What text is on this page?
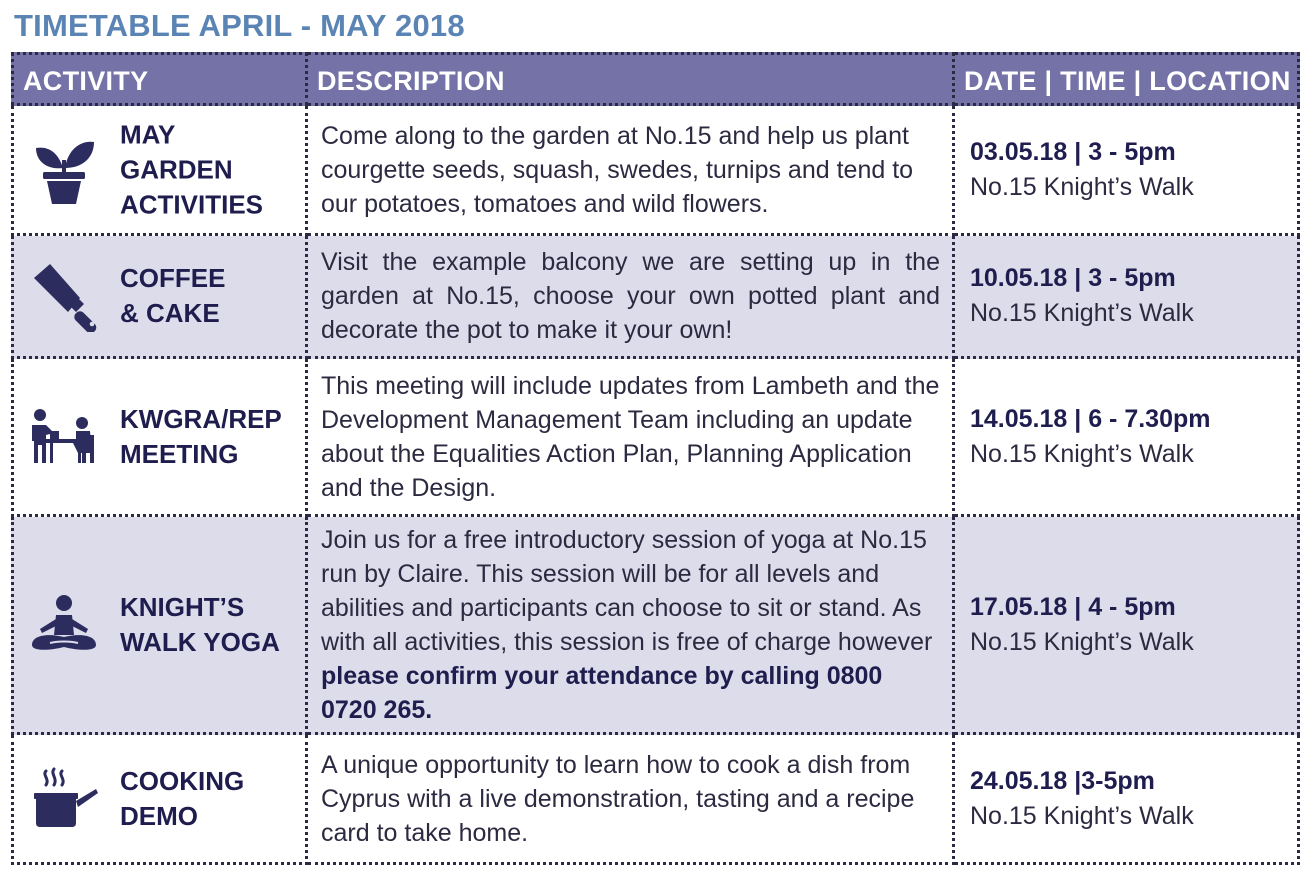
TIMETABLE APRIL - MAY 2018
ACTIVITY	DESCRIPTION	DATE | TIME | LOCATION
MAY
GARDEN
ACTIVITIES
Come along to the garden at No.15 and help us plant courgette seeds, squash, swedes, turnips and tend to our potatoes, tomatoes and wild flowers.
03.05.18 | 3 - 5pm
No.15 Knight’s Walk
COFFEE
& CAKE
Visit the example balcony we are setting up in the garden at No.15, choose your own potted plant and decorate the pot to make it your own!
10.05.18 | 3 - 5pm
No.15 Knight’s Walk
KWGRA/REP
MEETING
This meeting will include updates from Lambeth and the Development Management Team including an update about the Equalities Action Plan, Planning Application and the Design.
14.05.18 | 6 - 7.30pm
No.15 Knight’s Walk
KNIGHT’S
WALK YOGA
Join us for a free introductory session of yoga at No.15 run by Claire. This session will be for all levels and abilities and participants can choose to sit or stand. As with all activities, this session is free of charge however please confirm your attendance by calling 0800 0720 265.
17.05.18 | 4 - 5pm
No.15 Knight’s Walk
COOKING
DEMO
A unique opportunity to learn how to cook a dish from Cyprus with a live demonstration, tasting and a recipe card to take home.
24.05.18 |3-5pm
No.15 Knight’s Walk
